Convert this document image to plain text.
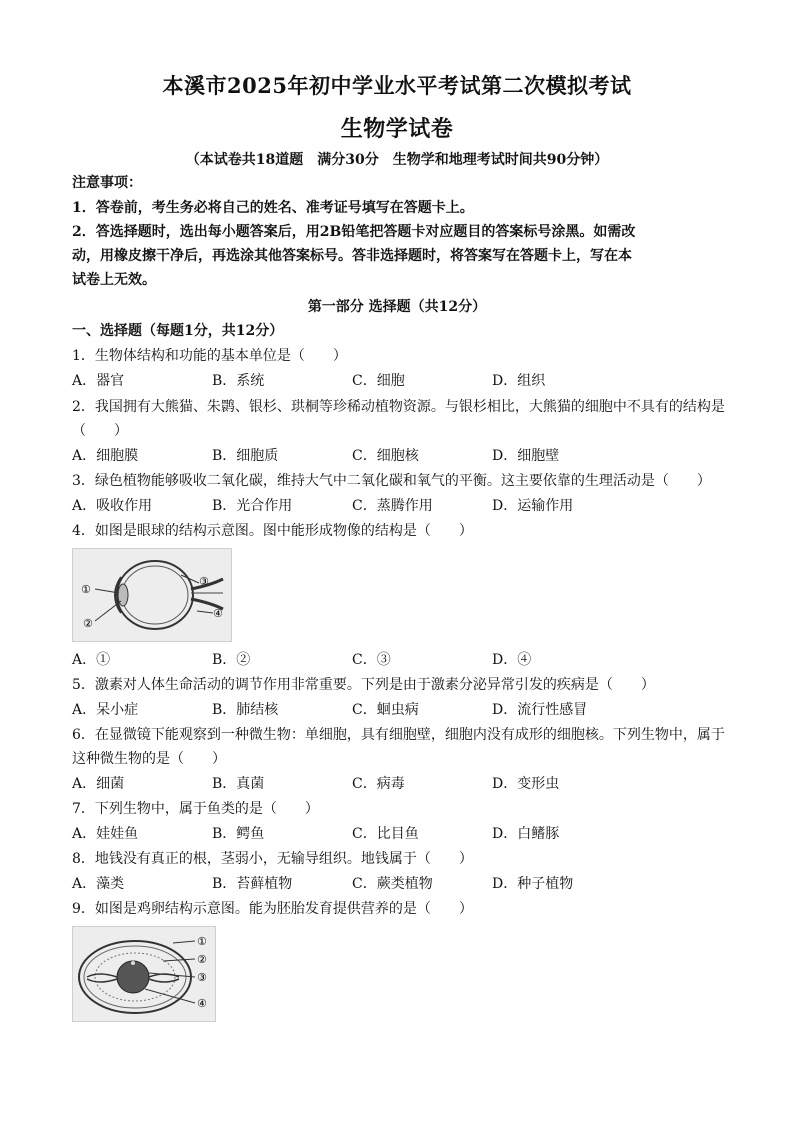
本溪市2025年初中学业水平考试第二次模拟考试
生物学试卷
（本试卷共18道题　满分30分　生物学和地理考试时间共90分钟）
注意事项：
1．答卷前，考生务必将自己的姓名、准考证号填写在答题卡上。
2．答选择题时，选出每小题答案后，用2B铅笔把答题卡对应题目的答案标号涂黑。如需改
动，用橡皮擦干净后，再选涂其他答案标号。答非选择题时，将答案写在答题卡上，写在本
试卷上无效。
第一部分 选择题（共12分）
一、选择题（每题1分，共12分）
1．生物体结构和功能的基本单位是（　　）
A．器官	B．系统	C．细胞	D．组织
2．我国拥有大熊猫、朱鹮、银杉、珙桐等珍稀动植物资源。与银杉相比，大熊猫的细胞中不具有的结构是
（　　）
A．细胞膜	B．细胞质	C．细胞核	D．细胞壁
3．绿色植物能够吸收二氧化碳，维持大气中二氧化碳和氧气的平衡。这主要依靠的生理活动是（　　）
A．吸收作用	B．光合作用	C．蒸腾作用	D．运输作用
4．如图是眼球的结构示意图。图中能形成物像的结构是（　　）
①
②
③
④
A．①	B．②	C．③	D．④
5．激素对人体生命活动的调节作用非常重要。下列是由于激素分泌异常引发的疾病是（　　）
A．呆小症	B．肺结核	C．蛔虫病	D．流行性感冒
6．在显微镜下能观察到一种微生物：单细胞，具有细胞壁，细胞内没有成形的细胞核。下列生物中，属于
这种微生物的是（　　）
A．细菌	B．真菌	C．病毒	D．变形虫
7．下列生物中，属于鱼类的是（　　）
A．娃娃鱼	B．鳄鱼	C．比目鱼	D．白鳍豚
8．地钱没有真正的根，茎弱小，无输导组织。地钱属于（　　）
A．藻类	B．苔藓植物	C．蕨类植物	D．种子植物
9．如图是鸡卵结构示意图。能为胚胎发育提供营养的是（　　）
①
②
③
④
